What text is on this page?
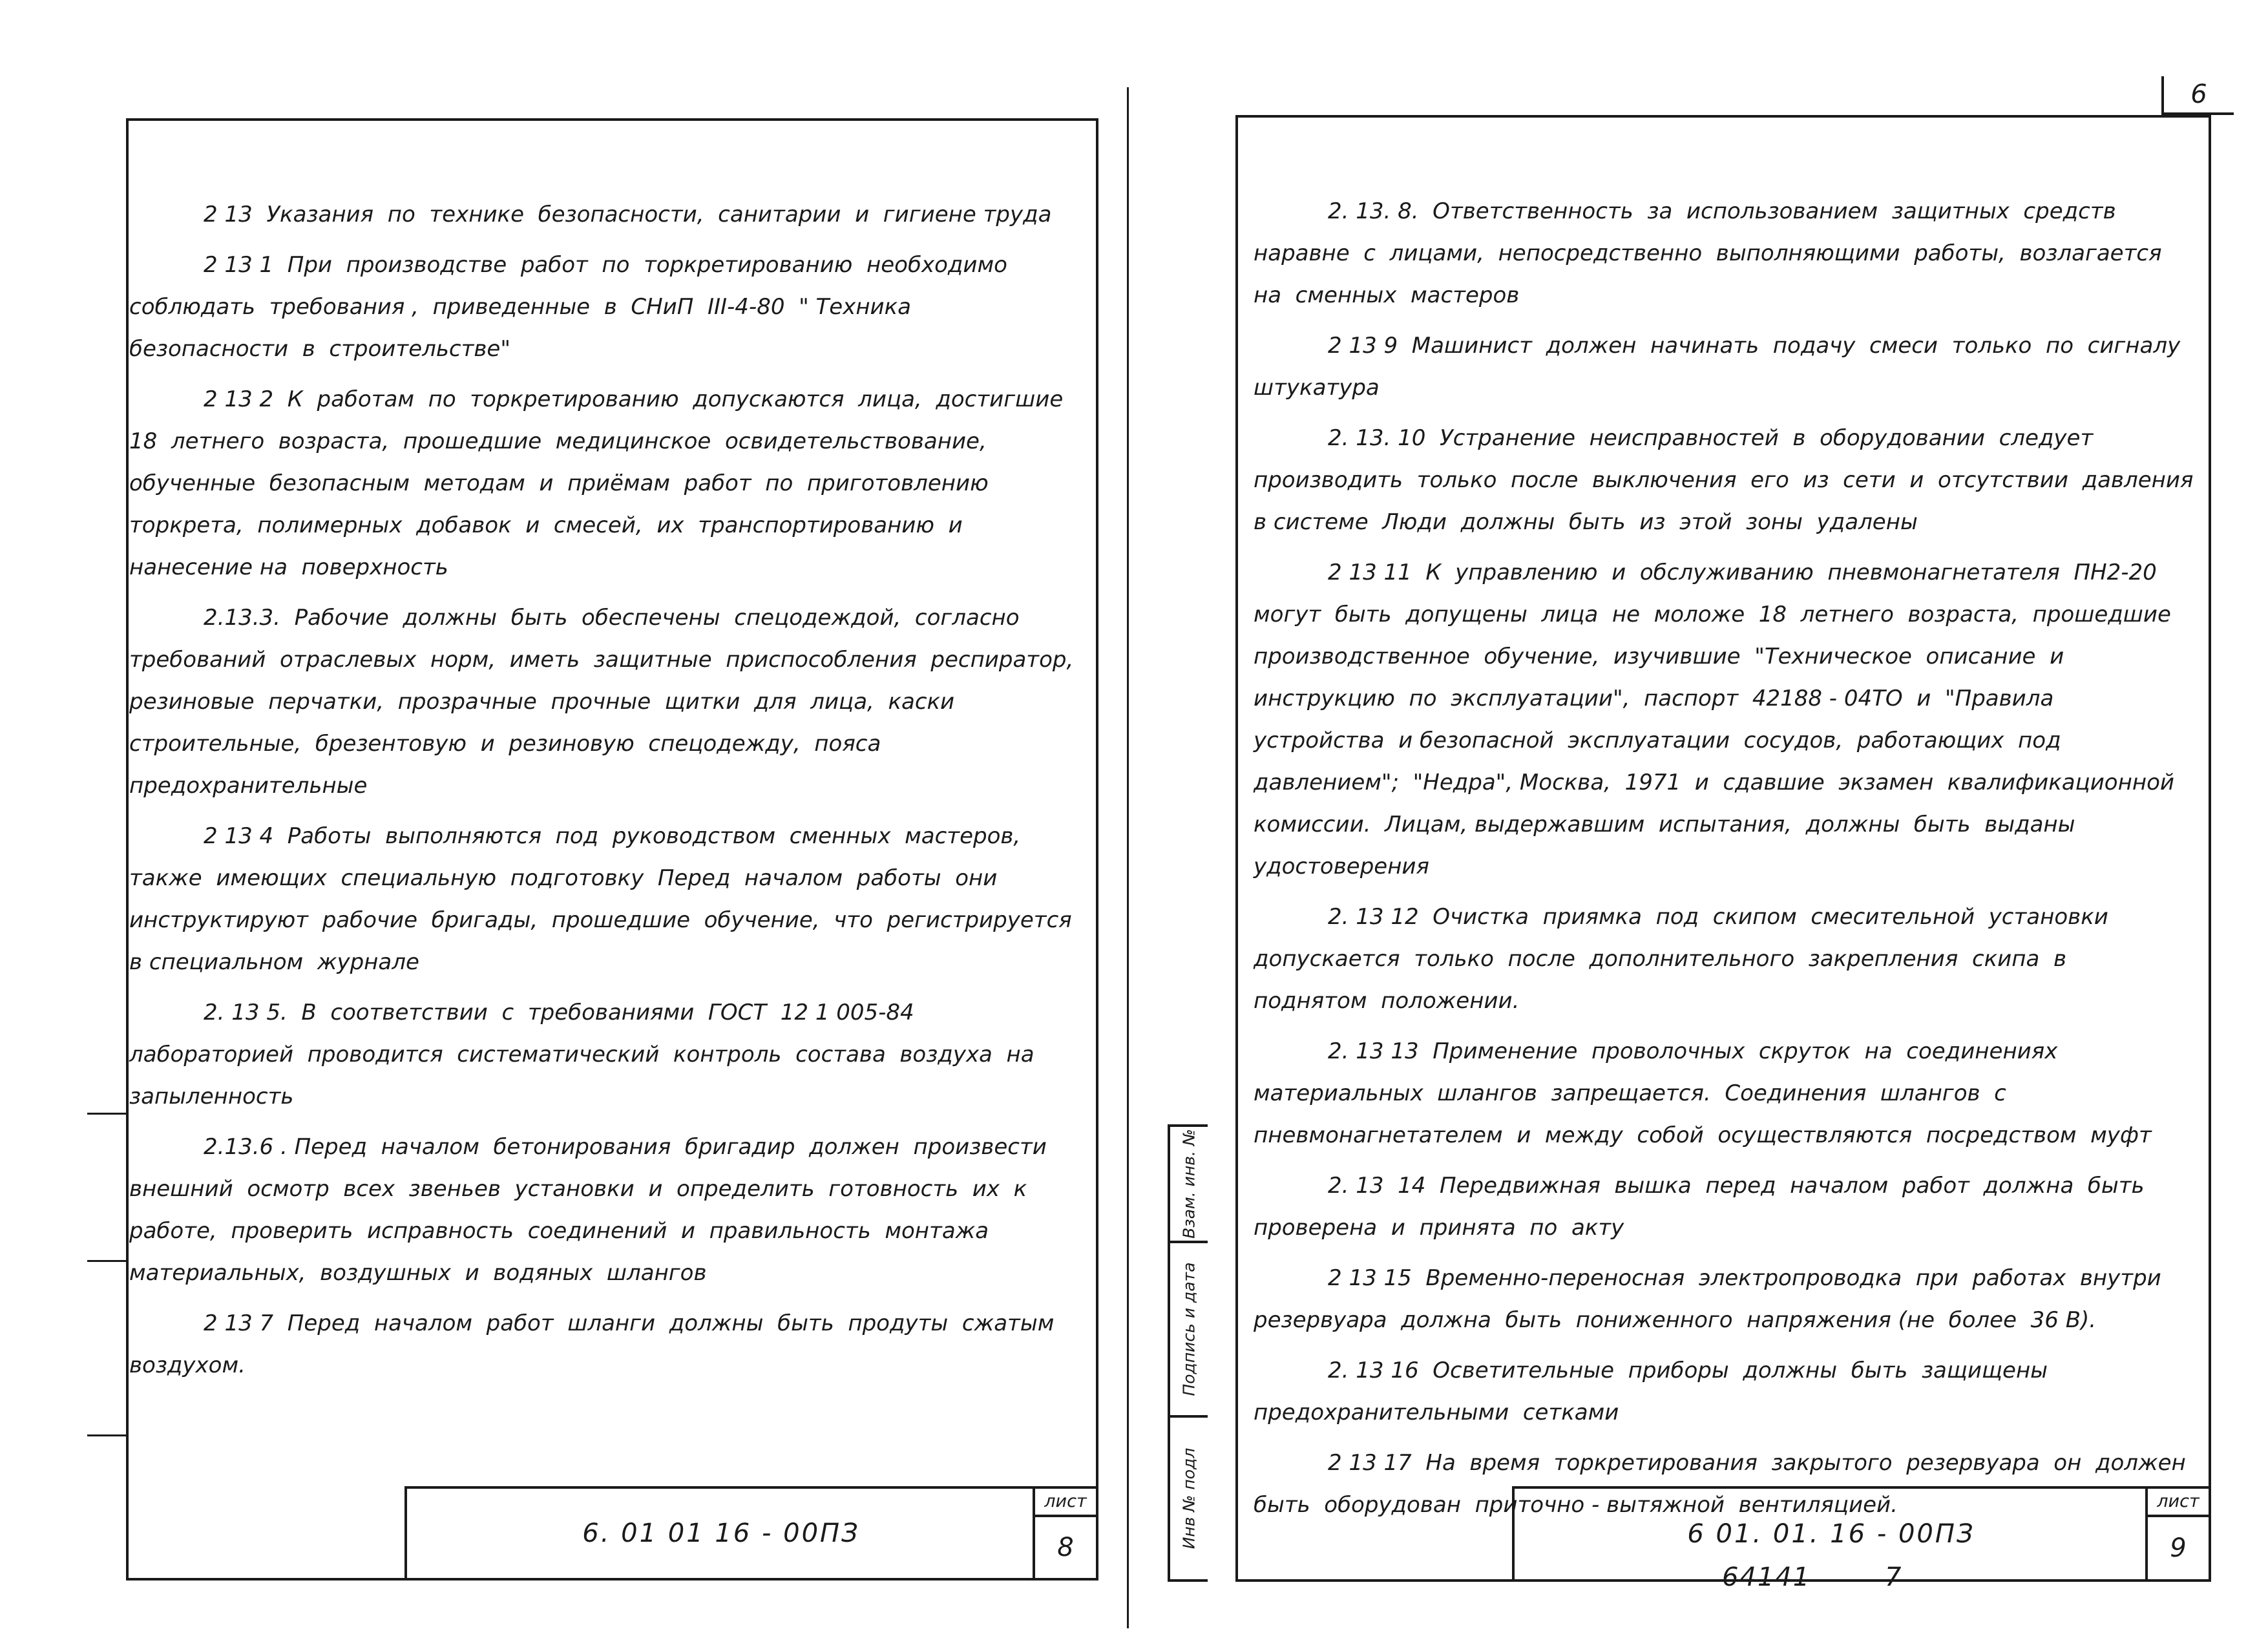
6

2 13  Указания  по  технике  безопасности,  санитарии  и  гигиене труда

2 13 1  При  производстве  работ  по  торкретированию  необходимо соблюдать  требования ,  приведенные  в  СНиП  III-4-80  " Техника  безопасности  в  строительстве"

2 13 2  К  работам  по  торкретированию  допускаются  лица,  достигшие  18  летнего  возраста,  прошедшие  медицинское  освидетельствование, обученные  безопасным  методам  и  приёмам  работ  по  приготовлению  торкрета,  полимерных  добавок  и  смесей,  их  транспортированию  и  нанесение на  поверхность

2.13.3.  Рабочие  должны  быть  обеспечены  спецодеждой,  согласно требований  отраслевых  норм,  иметь  защитные  приспособления  респиратор,  резиновые  перчатки,  прозрачные  прочные  щитки  для  лица,  каски строительные,  брезентовую  и  резиновую  спецодежду,  пояса  предохранительные

2 13 4  Работы  выполняются  под  руководством  сменных  мастеров, также  имеющих  специальную  подготовку  Перед  началом  работы  они  инструктируют  рабочие  бригады,  прошедшие  обучение,  что  регистрируется  в специальном  журнале

2. 13 5.  В  соответствии  с  требованиями  ГОСТ  12 1 005-84  лабораторией  проводится  систематический  контроль  состава  воздуха  на  запыленность

2.13.6 . Перед  началом  бетонирования  бригадир  должен  произвести внешний  осмотр  всех  звеньев  установки  и  определить  готовность  их  к работе,  проверить  исправность  соединений  и  правильность  монтажа материальных,  воздушных  и  водяных  шлангов

2 13 7  Перед  началом  работ  шланги  должны  быть  продуты  сжатым воздухом.

6. 01 01 16 - 00ПЗ
лист
8

2. 13. 8.  Ответственность  за  использованием  защитных  средств наравне  с  лицами,  непосредственно  выполняющими  работы,  возлагается на  сменных  мастеров

2 13 9  Машинист  должен  начинать  подачу  смеси  только  по  сигналу штукатура

2. 13. 10  Устранение  неисправностей  в  оборудовании  следует  производить  только  после  выключения  его  из  сети  и  отсутствии  давления  в системе  Люди  должны  быть  из  этой  зоны  удалены

2 13 11  К  управлению  и  обслуживанию  пневмонагнетателя  ПН2-20 могут  быть  допущены  лица  не  моложе  18  летнего  возраста,  прошедшие производственное  обучение,  изучившие  "Техническое  описание  и  инструкцию  по  эксплуатации",  паспорт  42188 - 04ТО  и  "Правила  устройства  и безопасной  эксплуатации  сосудов,  работающих  под  давлением";  "Недра", Москва,  1971  и  сдавшие  экзамен  квалификационной  комиссии.  Лицам, выдержавшим  испытания,  должны  быть  выданы  удостоверения

2. 13 12  Очистка  приямка  под  скипом  смесительной  установки допускается  только  после  дополнительного  закрепления  скипа  в  поднятом  положении.

2. 13 13  Применение  проволочных  скруток  на  соединениях  материальных  шлангов  запрещается.  Соединения  шлангов  с  пневмонагнетателем  и  между  собой  осуществляются  посредством  муфт

2. 13  14  Передвижная  вышка  перед  началом  работ  должна  быть  проверена  и  принята  по  акту

2 13 15  Временно-переносная  электропроводка  при  работах  внутри резервуара  должна  быть  пониженного  напряжения (не  более  36 В).

2. 13 16  Осветительные  приборы  должны  быть  защищены  предохранительными  сетками

2 13 17  На  время  торкретирования  закрытого  резервуара  он  должен  быть  оборудован  приточно - вытяжной  вентиляцией.

6 01. 01. 16 - 00ПЗ
лист
9
Взам. инв. №
Подпись и дата
Инв № подл
64141	7
